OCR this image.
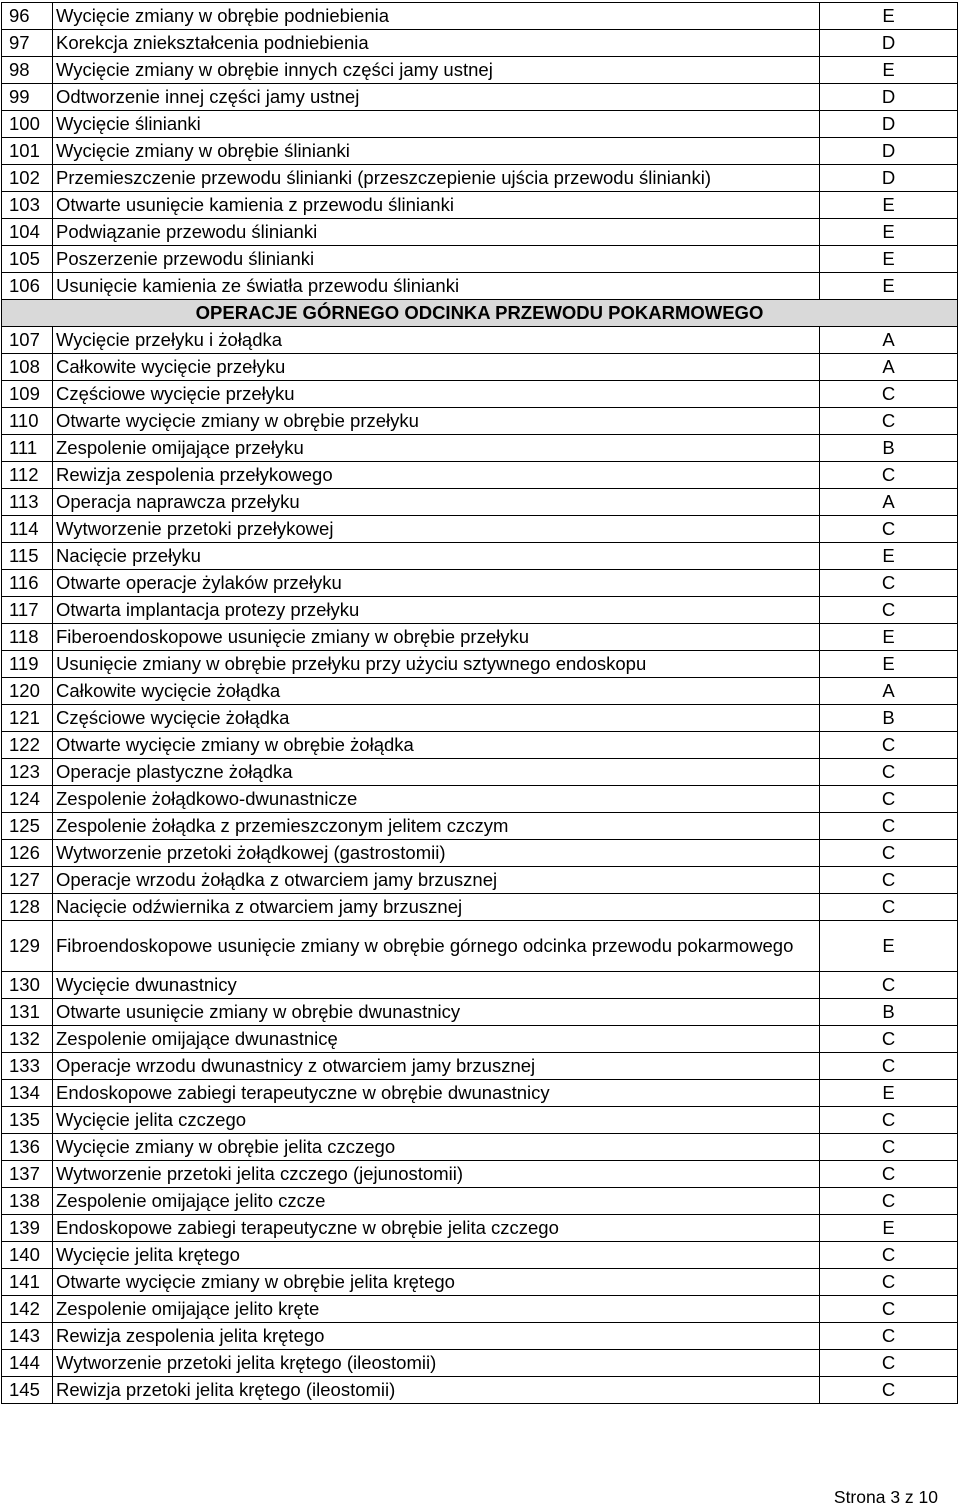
96	Wycięcie zmiany w obrębie podniebienia	E
97	Korekcja zniekształcenia podniebienia	D
98	Wycięcie zmiany w obrębie innych części jamy ustnej	E
99	Odtworzenie innej części jamy ustnej	D
100	Wycięcie ślinianki	D
101	Wycięcie zmiany w obrębie ślinianki	D
102	Przemieszczenie przewodu ślinianki (przeszczepienie ujścia przewodu ślinianki)	D
103	Otwarte usunięcie kamienia z przewodu ślinianki	E
104	Podwiązanie przewodu ślinianki	E
105	Poszerzenie przewodu ślinianki	E
106	Usunięcie kamienia ze światła przewodu ślinianki	E
OPERACJE GÓRNEGO ODCINKA PRZEWODU POKARMOWEGO		
107	Wycięcie przełyku i żołądka	A
108	Całkowite wycięcie przełyku	A
109	Częściowe wycięcie przełyku	C
110	Otwarte wycięcie zmiany w obrębie przełyku	C
111	Zespolenie omijające przełyku	B
112	Rewizja zespolenia przełykowego	C
113	Operacja naprawcza przełyku	A
114	Wytworzenie przetoki przełykowej	C
115	Nacięcie przełyku	E
116	Otwarte operacje żylaków przełyku	C
117	Otwarta implantacja protezy przełyku	C
118	Fiberoendoskopowe usunięcie zmiany w obrębie przełyku	E
119	Usunięcie zmiany w obrębie przełyku przy użyciu sztywnego endoskopu	E
120	Całkowite wycięcie żołądka	A
121	Częściowe wycięcie żołądka	B
122	Otwarte wycięcie zmiany w obrębie żołądka	C
123	Operacje plastyczne żołądka	C
124	Zespolenie żołądkowo-dwunastnicze	C
125	Zespolenie żołądka z przemieszczonym jelitem czczym	C
126	Wytworzenie przetoki żołądkowej (gastrostomii)	C
127	Operacje wrzodu żołądka z otwarciem jamy brzusznej	C
128	Nacięcie odźwiernika z otwarciem jamy brzusznej	C
129	Fibroendoskopowe usunięcie zmiany w obrębie górnego odcinka przewodu pokarmowego	E
130	Wycięcie dwunastnicy	C
131	Otwarte usunięcie zmiany w obrębie dwunastnicy	B
132	Zespolenie omijające dwunastnicę	C
133	Operacje wrzodu dwunastnicy z otwarciem jamy brzusznej	C
134	Endoskopowe zabiegi terapeutyczne w obrębie dwunastnicy	E
135	Wycięcie jelita czczego	C
136	Wycięcie zmiany w obrębie jelita czczego	C
137	Wytworzenie przetoki jelita czczego (jejunostomii)	C
138	Zespolenie omijające jelito czcze	C
139	Endoskopowe zabiegi terapeutyczne w obrębie jelita czczego	E
140	Wycięcie jelita krętego	C
141	Otwarte wycięcie zmiany w obrębie jelita krętego	C
142	Zespolenie omijające jelito kręte	C
143	Rewizja zespolenia jelita krętego	C
144	Wytworzenie przetoki jelita krętego (ileostomii)	C
145	Rewizja przetoki jelita krętego (ileostomii)	C
Strona 3 z 10
